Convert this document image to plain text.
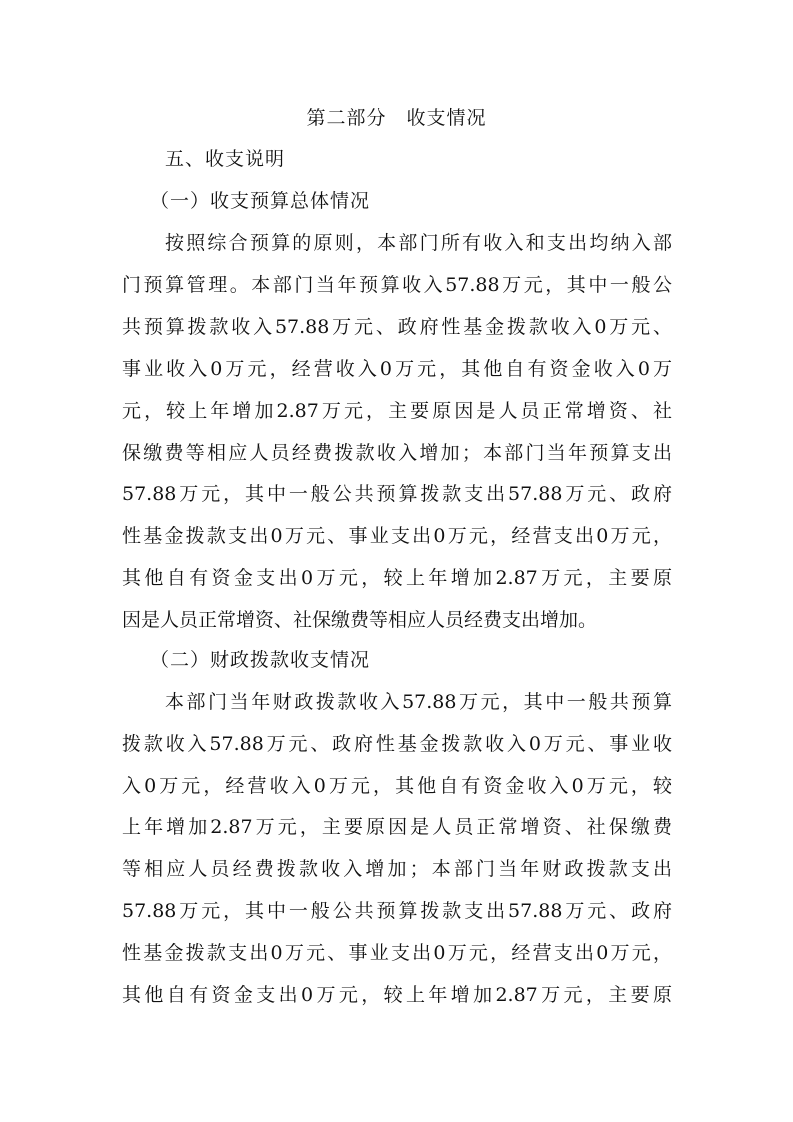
第二部分　收支情况
五、收支说明
（一）收支预算总体情况
按照综合预算的原则，本部门所有收入和支出均纳入部
门预算管理。本部门当年预算收入57.88万元，其中一般公
共预算拨款收入57.88万元、政府性基金拨款收入0万元、
事业收入0万元，经营收入0万元，其他自有资金收入0万
元，较上年增加2.87万元，主要原因是人员正常增资、社
保缴费等相应人员经费拨款收入增加；本部门当年预算支出
57.88万元，其中一般公共预算拨款支出57.88万元、政府
性基金拨款支出0万元、事业支出0万元，经营支出0万元，
其他自有资金支出0万元，较上年增加2.87万元，主要原
因是人员正常增资、社保缴费等相应人员经费支出增加。
（二）财政拨款收支情况
本部门当年财政拨款收入57.88万元，其中一般共预算
拨款收入57.88万元、政府性基金拨款收入0万元、事业收
入0万元，经营收入0万元，其他自有资金收入0万元，较
上年增加2.87万元，主要原因是人员正常增资、社保缴费
等相应人员经费拨款收入增加；本部门当年财政拨款支出
57.88万元，其中一般公共预算拨款支出57.88万元、政府
性基金拨款支出0万元、事业支出0万元，经营支出0万元，
其他自有资金支出0万元，较上年增加2.87万元，主要原
